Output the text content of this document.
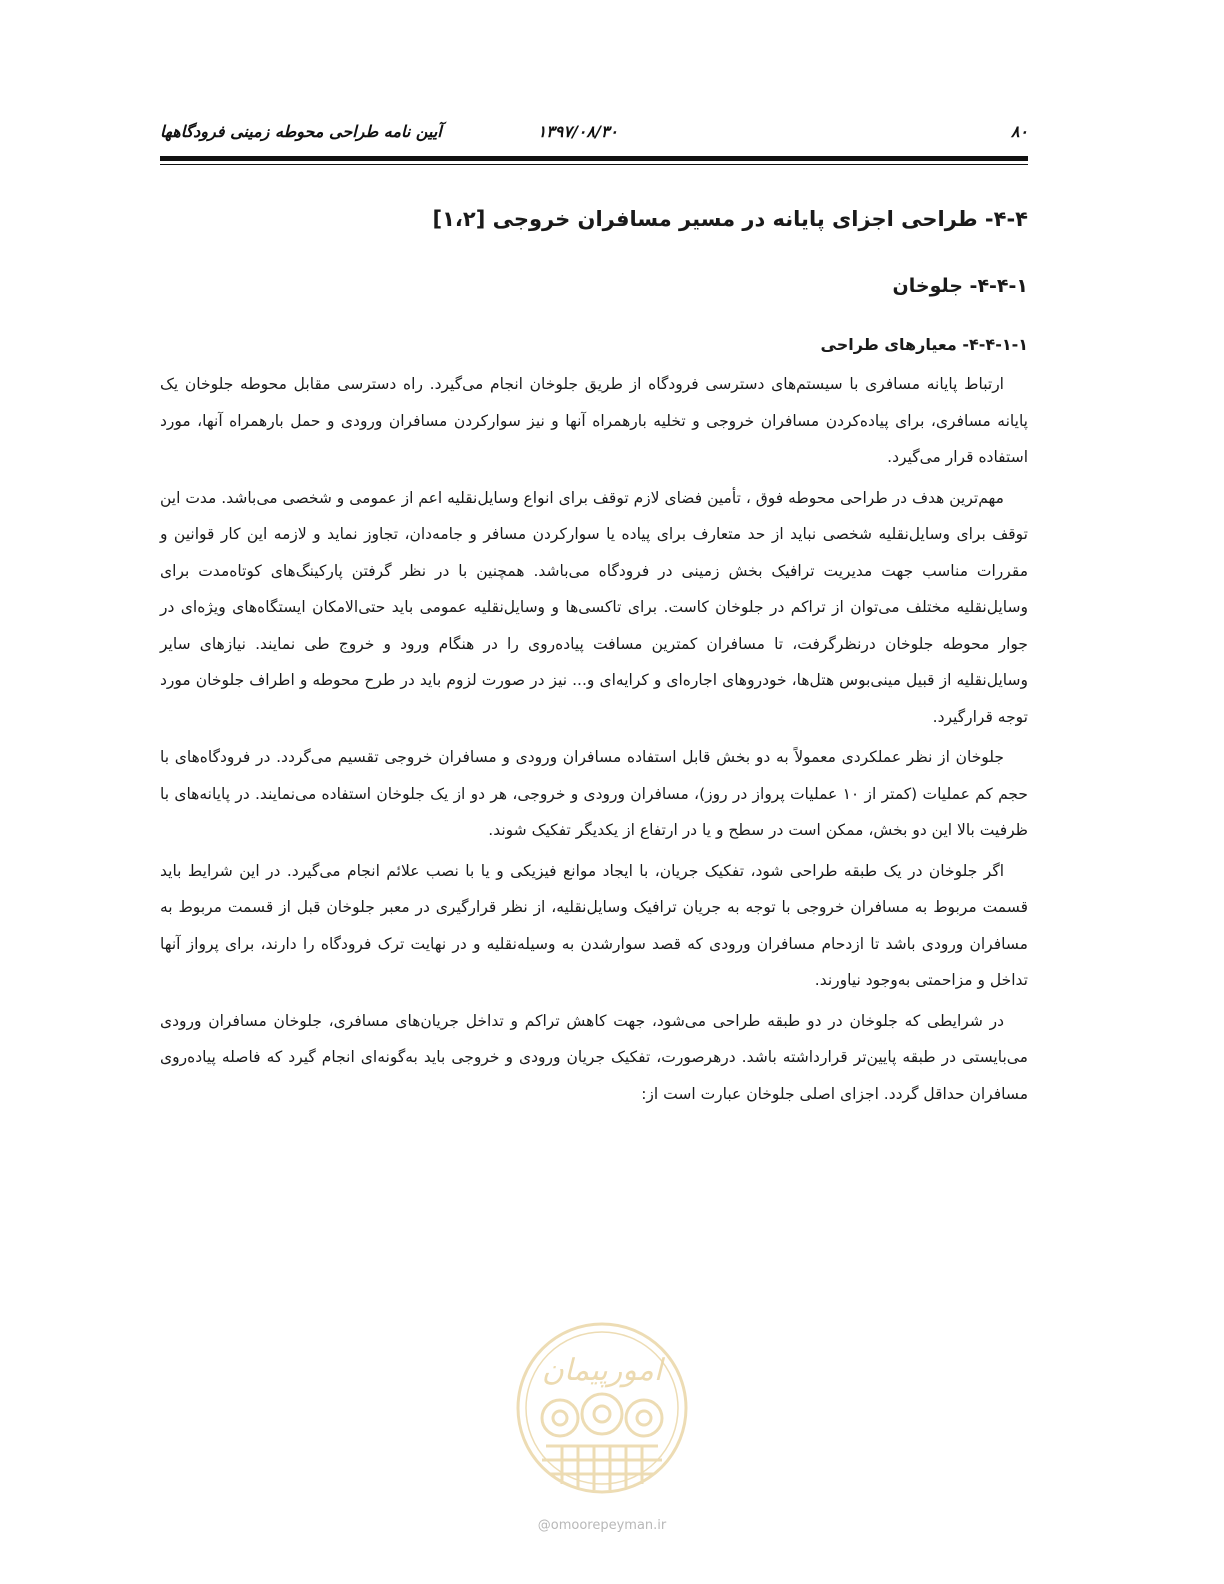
۸۰
۱۳۹۷/۰۸/۳۰
آیین نامه طراحی محوطه زمینی فرودگاهها
۴-۴- طراحی اجزای پایانه در مسیر مسافران خروجی [۱،۲]
۴-۴-۱- جلوخان
۴-۴-۱-۱- معیارهای طراحی

ارتباط پایانه مسافری با سیستم‌های دسترسی فرودگاه از طریق جلوخان انجام می‌گیرد. راه دسترسی مقابل محوطه جلوخان یک پایانه مسافری، برای پیاده‌کردن مسافران خروجی و تخلیه بارهمراه آنها و نیز سوارکردن مسافران ورودی و حمل بارهمراه آنها، مورد استفاده قرار می‌گیرد.

مهم‌ترین هدف در طراحی محوطه فوق ، تأمین فضای لازم توقف برای انواع وسایل‌نقلیه اعم از عمومی و شخصی می‌باشد. مدت این توقف برای وسایل‌نقلیه شخصی نباید از حد متعارف برای پیاده یا سوارکردن مسافر و جامه‌دان، تجاوز نماید و لازمه این کار قوانین و مقررات مناسب جهت مدیریت ترافیک بخش زمینی در فرودگاه می‌باشد. همچنین با در نظر گرفتن پارکینگ‌های کوتاه‌مدت برای وسایل‌نقلیه مختلف می‌توان از تراکم در جلوخان کاست. برای تاکسی‌ها و وسایل‌نقلیه عمومی باید حتی‌الامکان ایستگاه‌های ویژه‌ای در جوار محوطه جلوخان درنظرگرفت، تا مسافران کمترین مسافت پیاده‌روی را در هنگام ورود و خروج طی نمایند. نیازهای سایر وسایل‌نقلیه از قبیل مینی‌بوس هتل‌ها، خودروهای اجاره‌ای و کرایه‌ای و... نیز در صورت لزوم باید در طرح محوطه و اطراف جلوخان مورد توجه قرارگیرد.

جلوخان از نظر عملکردی معمولاً به دو بخش قابل استفاده مسافران ورودی و مسافران خروجی تقسیم می‌گردد. در فرودگاه‌های با حجم کم عملیات (کمتر از ۱۰ عملیات پرواز در روز)، مسافران ورودی و خروجی، هر دو از یک جلوخان استفاده می‌نمایند. در پایانه‌های با ظرفیت بالا این دو بخش، ممکن است در سطح و یا در ارتفاع از یکدیگر تفکیک شوند.

اگر جلوخان در یک طبقه طراحی شود، تفکیک جریان، با ایجاد موانع فیزیکی و یا با نصب علائم انجام می‌گیرد. در این شرایط باید قسمت مربوط به مسافران خروجی با توجه به جریان ترافیک وسایل‌نقلیه، از نظر قرارگیری در معبر جلوخان قبل از قسمت مربوط به مسافران ورودی باشد تا ازدحام مسافران ورودی که قصد سوارشدن به وسیله‌نقلیه و در نهایت ترک فرودگاه را دارند، برای پرواز آنها تداخل و مزاحمتی به‌وجود نیاورند.

در شرایطی که جلوخان در دو طبقه طراحی می‌شود، جهت کاهش تراکم و تداخل جریان‌های مسافری، جلوخان مسافران ورودی می‌بایستی در طبقه پایین‌تر قرارداشته باشد. درهرصورت، تفکیک جریان ورودی و خروجی باید به‌گونه‌ای انجام گیرد که فاصله پیاده‌روی مسافران حداقل گردد. اجزای اصلی جلوخان عبارت است از:

امورپیمان
@omoorepeyman.ir
